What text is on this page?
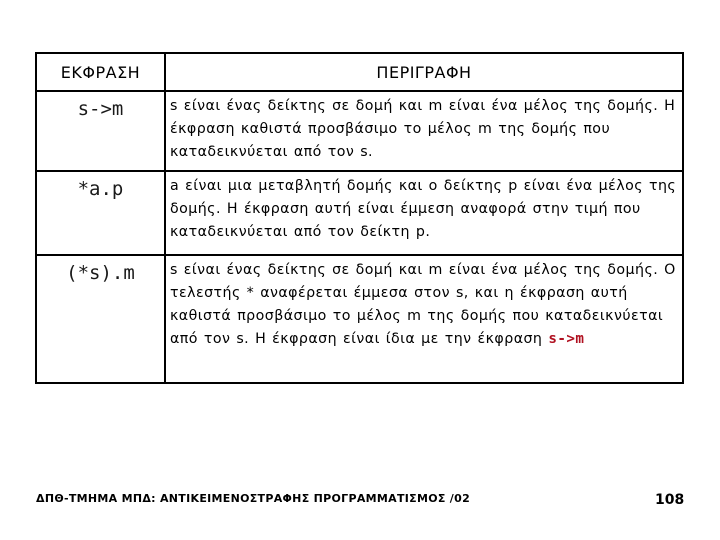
ΕΚΦΡΑΣΗ	ΠΕΡΙΓΡΑΦΗ
s->m	s είναι ένας δείκτης σε δομή και m είναι ένα μέλος της δομής. Η έκφραση καθιστά προσβάσιμο το μέλος m της δομής που καταδεικνύεται από τον s.
*a.p	a είναι μια μεταβλητή δομής και ο δείκτης p είναι ένα μέλος της δομής. Η έκφραση αυτή είναι έμμεση αναφορά στην τιμή που καταδεικνύεται από τον δείκτη p.
(*s).m	s είναι ένας δείκτης σε δομή και m είναι ένα μέλος της δομής. Ο τελεστής * αναφέρεται έμμεσα στον s, και η έκφραση αυτή καθιστά προσβάσιμο το μέλος m της δομής που καταδεικνύεται από τον s. Η έκφραση είναι ίδια με την έκφραση s->m
ΔΠΘ-ΤΜΗΜΑ ΜΠΔ: ΑΝΤΙΚΕΙΜΕΝΟΣΤΡΑΦΗΣ ΠΡΟΓΡΑΜΜΑΤΙΣΜΟΣ /02	108
